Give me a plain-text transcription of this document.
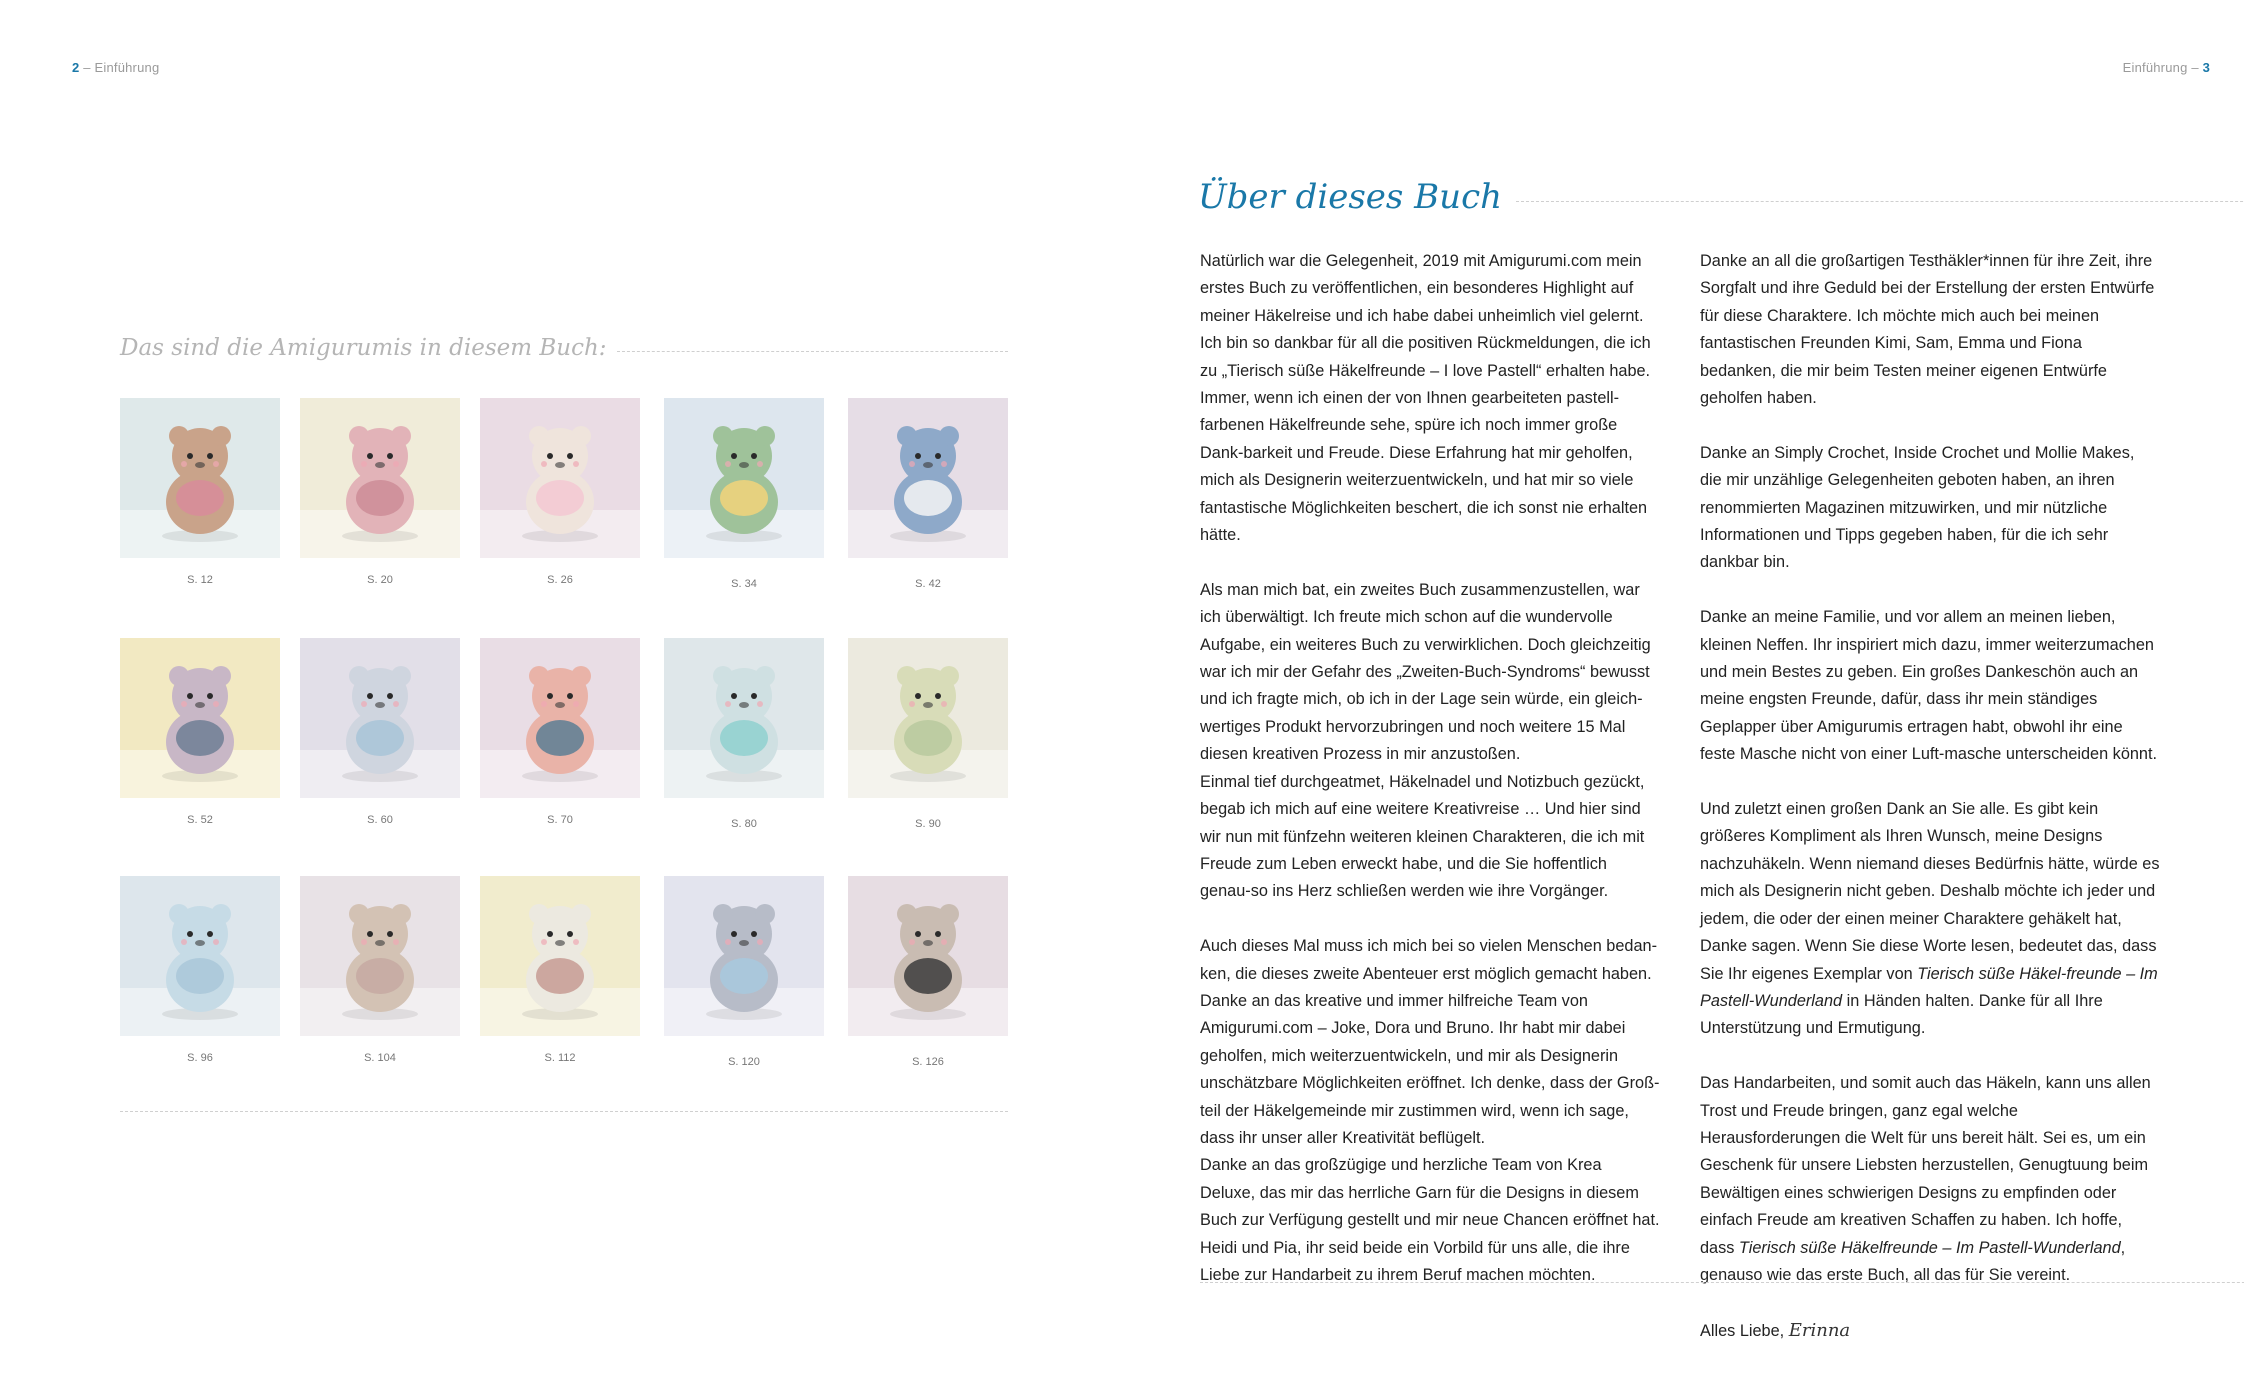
2 – Einführung
Das sind die Amigurumis in diesem Buch:
S. 12	S. 20	S. 26	S. 34	S. 42
S. 52	S. 60	S. 70	S. 80	S. 90
S. 96	S. 104	S. 112	S. 120	S. 126
Einführung – 3
Über dieses Buch

Natürlich war die Gelegenheit, 2019 mit Amigurumi.com mein erstes Buch zu veröffentlichen, ein besonderes Highlight auf meiner Häkelreise und ich habe dabei unheimlich viel gelernt. Ich bin so dankbar für all die positiven Rückmeldungen, die ich zu „Tierisch süße Häkelfreunde – I love Pastell“ erhalten habe. Immer, wenn ich einen der von Ihnen gearbeiteten pastell-farbenen Häkelfreunde sehe, spüre ich noch immer große Dank-barkeit und Freude. Diese Erfahrung hat mir geholfen, mich als Designerin weiterzuentwickeln, und hat mir so viele fantastische Möglichkeiten beschert, die ich sonst nie erhalten hätte.

Als man mich bat, ein zweites Buch zusammenzustellen, war ich überwältigt. Ich freute mich schon auf die wundervolle Aufgabe, ein weiteres Buch zu verwirklichen. Doch gleichzeitig war ich mir der Gefahr des „Zweiten-Buch-Syndroms“ bewusst und ich fragte mich, ob ich in der Lage sein würde, ein gleich-wertiges Produkt hervorzubringen und noch weitere 15 Mal diesen kreativen Prozess in mir anzustoßen.

Einmal tief durchgeatmet, Häkelnadel und Notizbuch gezückt, begab ich mich auf eine weitere Kreativreise … Und hier sind wir nun mit fünfzehn weiteren kleinen Charakteren, die ich mit Freude zum Leben erweckt habe, und die Sie hoffentlich genau-so ins Herz schließen werden wie ihre Vorgänger.

Auch dieses Mal muss ich mich bei so vielen Menschen bedan-ken, die dieses zweite Abenteuer erst möglich gemacht haben. Danke an das kreative und immer hilfreiche Team von Amigurumi.com – Joke, Dora und Bruno. Ihr habt mir dabei geholfen, mich weiterzuentwickeln, und mir als Designerin unschätzbare Möglichkeiten eröffnet. Ich denke, dass der Groß-teil der Häkelgemeinde mir zustimmen wird, wenn ich sage, dass ihr unser aller Kreativität beflügelt.

Danke an das großzügige und herzliche Team von Krea Deluxe, das mir das herrliche Garn für die Designs in diesem Buch zur Verfügung gestellt und mir neue Chancen eröffnet hat. Heidi und Pia, ihr seid beide ein Vorbild für uns alle, die ihre Liebe zur Handarbeit zu ihrem Beruf machen möchten.

Danke an all die großartigen Testhäkler*innen für ihre Zeit, ihre Sorgfalt und ihre Geduld bei der Erstellung der ersten Entwürfe für diese Charaktere. Ich möchte mich auch bei meinen fantastischen Freunden Kimi, Sam, Emma und Fiona bedanken, die mir beim Testen meiner eigenen Entwürfe geholfen haben.

Danke an Simply Crochet, Inside Crochet und Mollie Makes, die mir unzählige Gelegenheiten geboten haben, an ihren renommierten Magazinen mitzuwirken, und mir nützliche Informationen und Tipps gegeben haben, für die ich sehr dankbar bin.

Danke an meine Familie, und vor allem an meinen lieben, kleinen Neffen. Ihr inspiriert mich dazu, immer weiterzumachen und mein Bestes zu geben. Ein großes Dankeschön auch an meine engsten Freunde, dafür, dass ihr mein ständiges Geplapper über Amigurumis ertragen habt, obwohl ihr eine feste Masche nicht von einer Luft-masche unterscheiden könnt.

Und zuletzt einen großen Dank an Sie alle. Es gibt kein größeres Kompliment als Ihren Wunsch, meine Designs nachzuhäkeln. Wenn niemand dieses Bedürfnis hätte, würde es mich als Designerin nicht geben. Deshalb möchte ich jeder und jedem, die oder der einen meiner Charaktere gehäkelt hat, Danke sagen. Wenn Sie diese Worte lesen, bedeutet das, dass Sie Ihr eigenes Exemplar von Tierisch süße Häkel-freunde – Im Pastell-Wunderland in Händen halten. Danke für all Ihre Unterstützung und Ermutigung.

Das Handarbeiten, und somit auch das Häkeln, kann uns allen Trost und Freude bringen, ganz egal welche Herausforderungen die Welt für uns bereit hält. Sei es, um ein Geschenk für unsere Liebsten herzustellen, Genugtuung beim Bewältigen eines schwierigen Designs zu empfinden oder einfach Freude am kreativen Schaffen zu haben. Ich hoffe, dass Tierisch süße Häkelfreunde – Im Pastell-Wunderland, genauso wie das erste Buch, all das für Sie vereint.

Alles Liebe, Erinna
